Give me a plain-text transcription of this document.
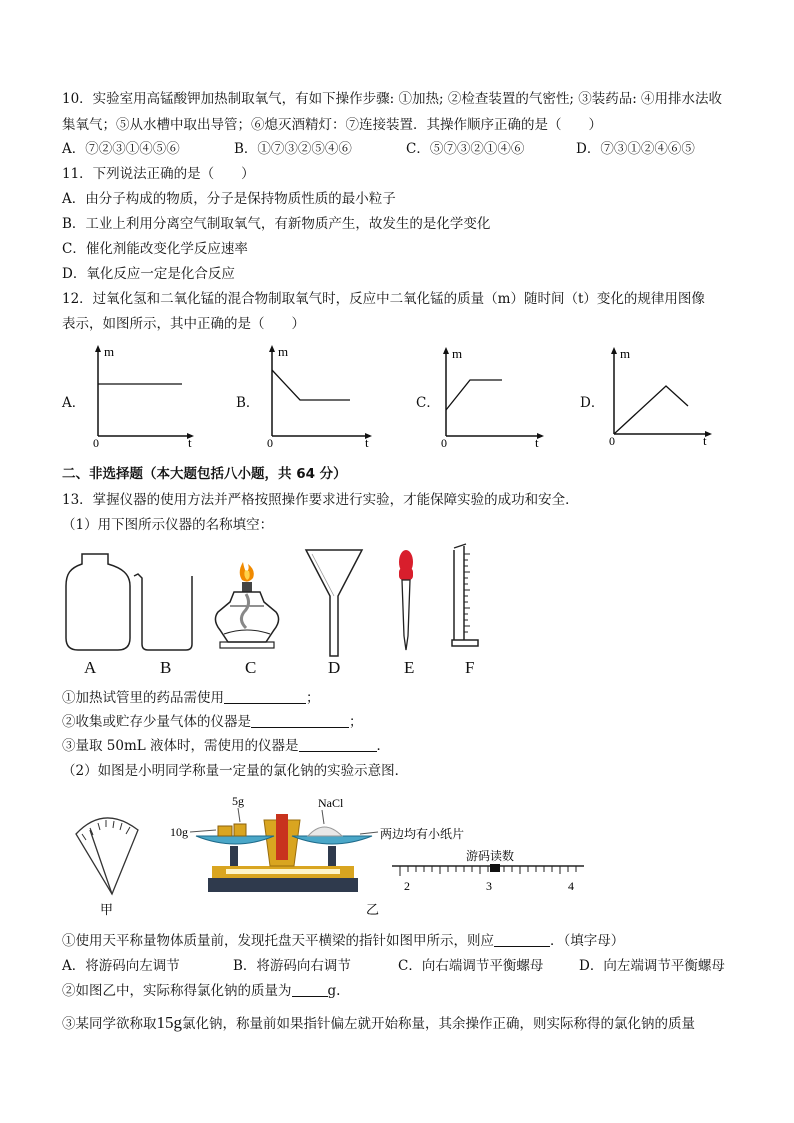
10．实验室用高锰酸钾加热制取氧气，有如下操作步骤: ①加热; ②检查装置的气密性; ③装药品: ④用排水法收
集氧气；⑤从水槽中取出导管；⑥熄灭酒精灯：⑦连接装置．其操作顺序正确的是（　　）
A．⑦②③①④⑤⑥	B．①⑦③②⑤④⑥	C．⑤⑦③②①④⑥	D．⑦③①②④⑥⑤
11．下列说法正确的是（　　）
A．由分子构成的物质，分子是保持物质性质的最小粒子
B．工业上利用分离空气制取氧气，有新物质产生，故发生的是化学变化
C．催化剂能改变化学反应速率
D．氧化反应一定是化合反应
12．过氧化氢和二氧化锰的混合物制取氧气时，反应中二氧化锰的质量（m）随时间（t）变化的规律用图像
表示，如图所示，其中正确的是（　　）
A．
m
t
0
B．
m
t
0
C．
m
t
0
D．
m
t
0
二、非选择题（本大题包括八小题，共 64 分）
13．掌握仪器的使用方法并严格按照操作要求进行实验，才能保障实验的成功和安全．
（1）用下图所示仪器的名称填空：
A	B	C	D	E	F
①加热试管里的药品需使用	；
②收集或贮存少量气体的仪器是	；
③量取 50mL 液体时，需使用的仪器是	．
（2）如图是小明同学称量一定量的氯化钠的实验示意图．
甲
5g
10g
NaCl
两边均有小纸片
乙
游码读数
2	3	4
①使用天平称量物体质量前，发现托盘天平横梁的指针如图甲所示，则应	．（填字母）
A．将游码向左调节	B．将游码向右调节	C．向右端调节平衡螺母	D．向左端调节平衡螺母
②如图乙中，实际称得氯化钠的质量为	g.
③某同学欲称取15g氯化钠，称量前如果指针偏左就开始称量，其余操作正确，则实际称得的氯化钠的质量
